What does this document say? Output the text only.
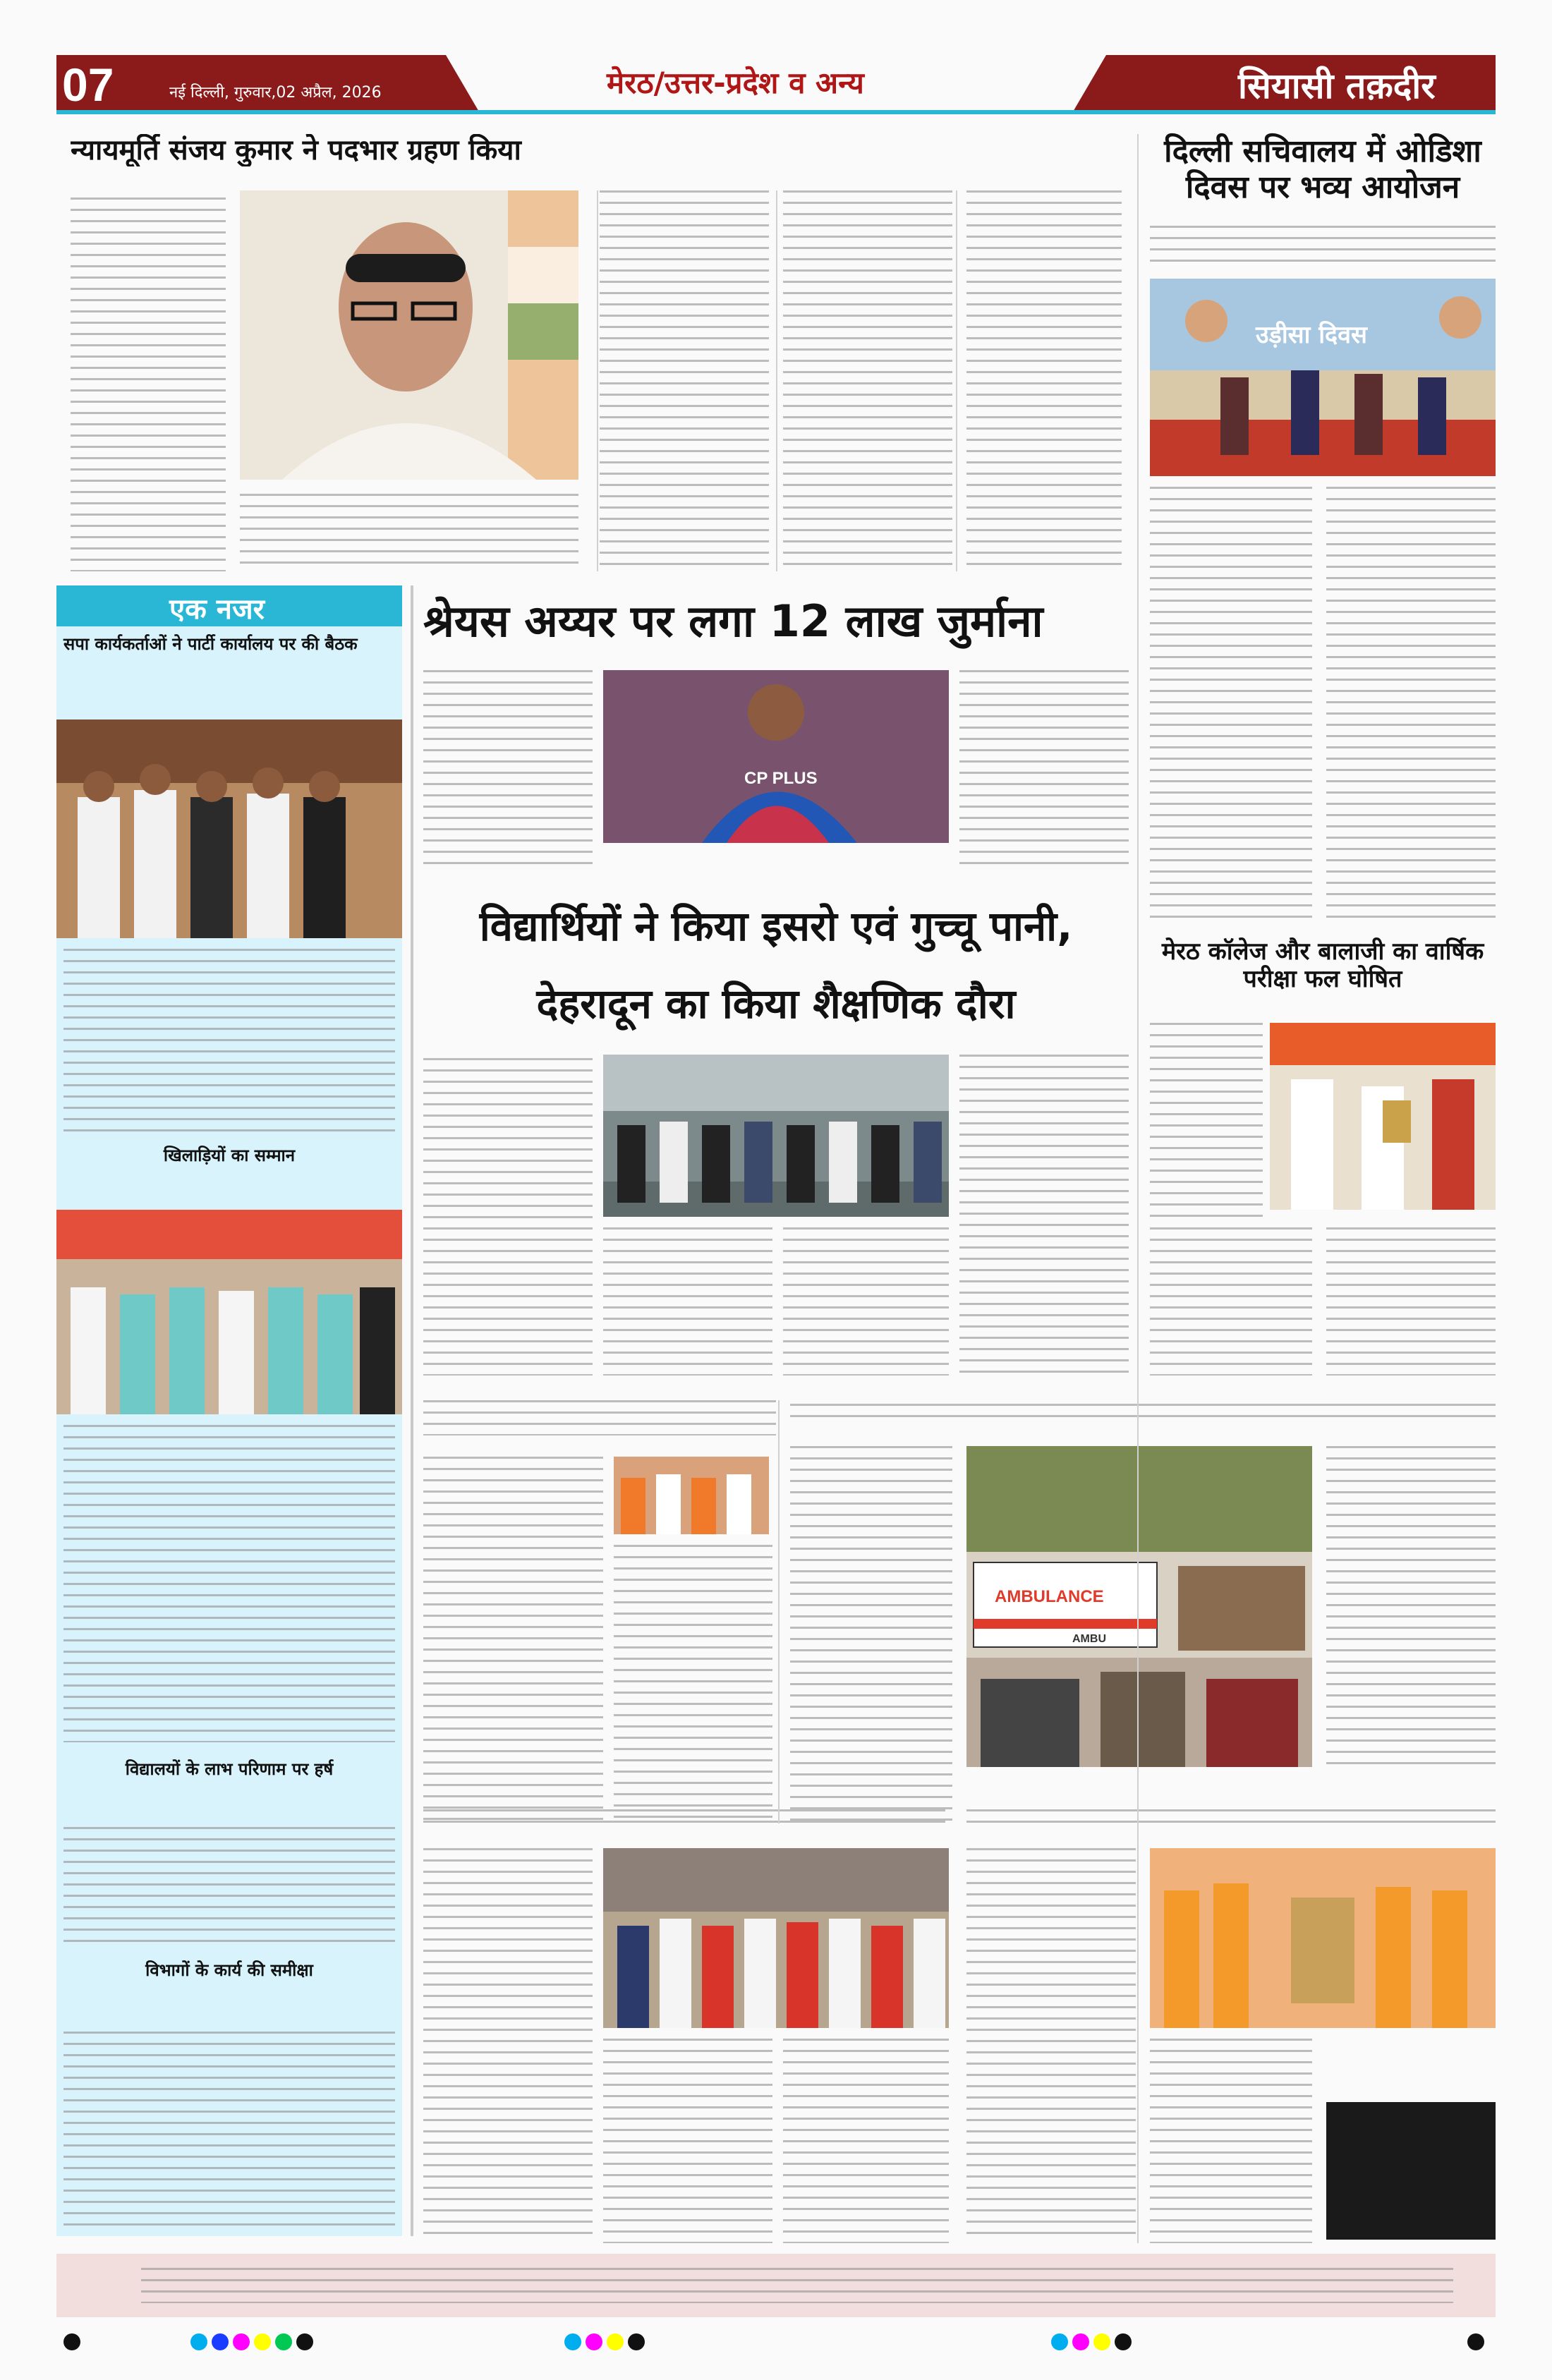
07	नई दिल्ली, गुरुवार,02 अप्रैल, 2026	मेरठ/उत्तर-प्रदेश व अन्य	सियासी तक़दीर
न्यायमूर्ति संजय कुमार ने पदभार ग्रहण किया	दिल्ली सचिवालय में ओडिशा दिवस पर भव्य आयोजन
उड़ीसा दिवस
एक नजर
सपा कार्यकर्ताओं ने पार्टी कार्यालय पर की बैठक
खिलाड़ियों का सम्मान
विद्यालयों के लाभ परिणाम पर हर्ष
विभागों के कार्य की समीक्षा
श्रेयस अय्यर पर लगा 12 लाख जुर्माना
CP PLUS
विद्यार्थियों ने किया इसरो एवं गुच्चू पानी,
देहरादून का किया शैक्षणिक दौरा
मेरठ कॉलेज और बालाजी का वार्षिक परीक्षा फल घोषित
AMBULANCE
AMBU
